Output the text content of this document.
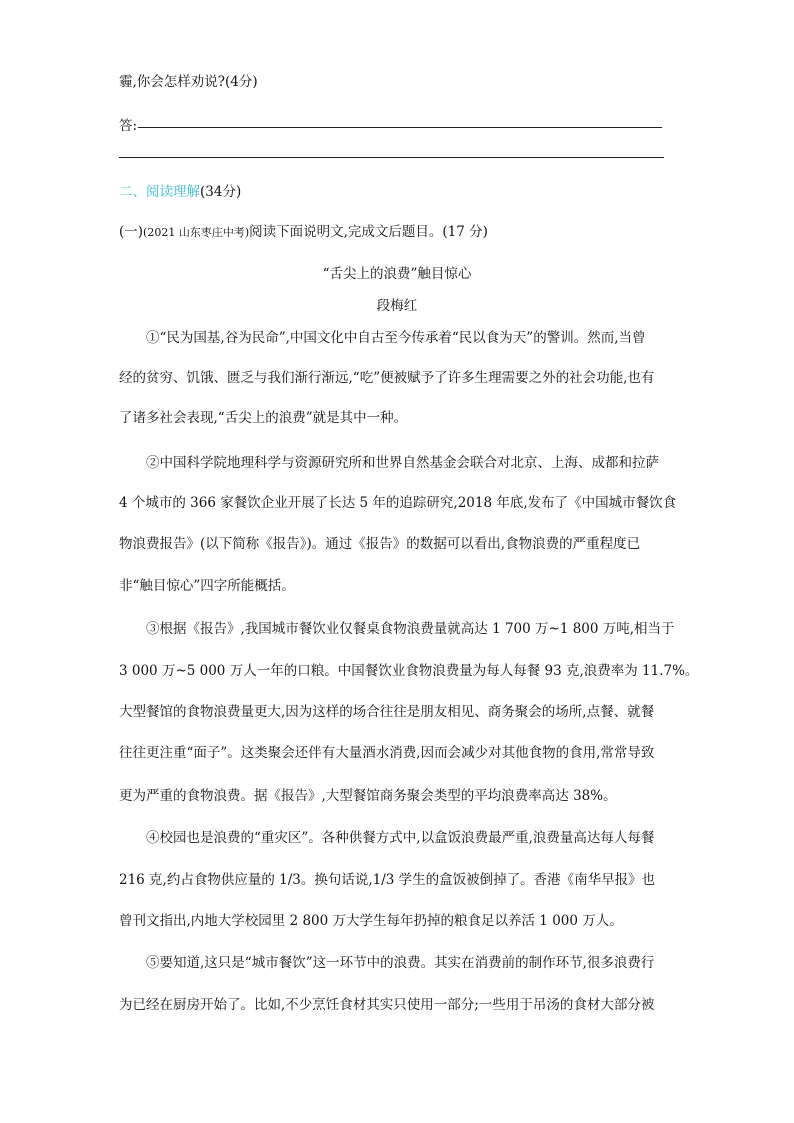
霾,你会怎样劝说?(4分)
答:
二、阅读理解(34分)
(一)(2021 山东枣庄中考)阅读下面说明文,完成文后题目。(17 分)
“舌尖上的浪费”触目惊心
段梅红
①“民为国基,谷为民命”,中国文化中自古至今传承着“民以食为天”的警训。然而,当曾
经的贫穷、饥饿、匮乏与我们渐行渐远,“吃”便被赋予了许多生理需要之外的社会功能,也有
了诸多社会表现,“舌尖上的浪费”就是其中一种。
②中国科学院地理科学与资源研究所和世界自然基金会联合对北京、上海、成都和拉萨
4 个城市的 366 家餐饮企业开展了长达 5 年的追踪研究,2018 年底,发布了《中国城市餐饮食
物浪费报告》(以下简称《报告》)。通过《报告》的数据可以看出,食物浪费的严重程度已
非“触目惊心”四字所能概括。
③根据《报告》,我国城市餐饮业仅餐桌食物浪费量就高达 1 700 万~1 800 万吨,相当于
3 000 万~5 000 万人一年的口粮。中国餐饮业食物浪费量为每人每餐 93 克,浪费率为 11.7%。
大型餐馆的食物浪费量更大,因为这样的场合往往是朋友相见、商务聚会的场所,点餐、就餐
往往更注重“面子”。这类聚会还伴有大量酒水消费,因而会减少对其他食物的食用,常常导致
更为严重的食物浪费。据《报告》,大型餐馆商务聚会类型的平均浪费率高达 38%。
④校园也是浪费的“重灾区”。各种供餐方式中,以盒饭浪费最严重,浪费量高达每人每餐
216 克,约占食物供应量的 1/3。换句话说,1/3 学生的盒饭被倒掉了。香港《南华早报》也
曾刊文指出,内地大学校园里 2 800 万大学生每年扔掉的粮食足以养活 1 000 万人。
⑤要知道,这只是“城市餐饮”这一环节中的浪费。其实在消费前的制作环节,很多浪费行
为已经在厨房开始了。比如,不少烹饪食材其实只使用一部分;一些用于吊汤的食材大部分被
